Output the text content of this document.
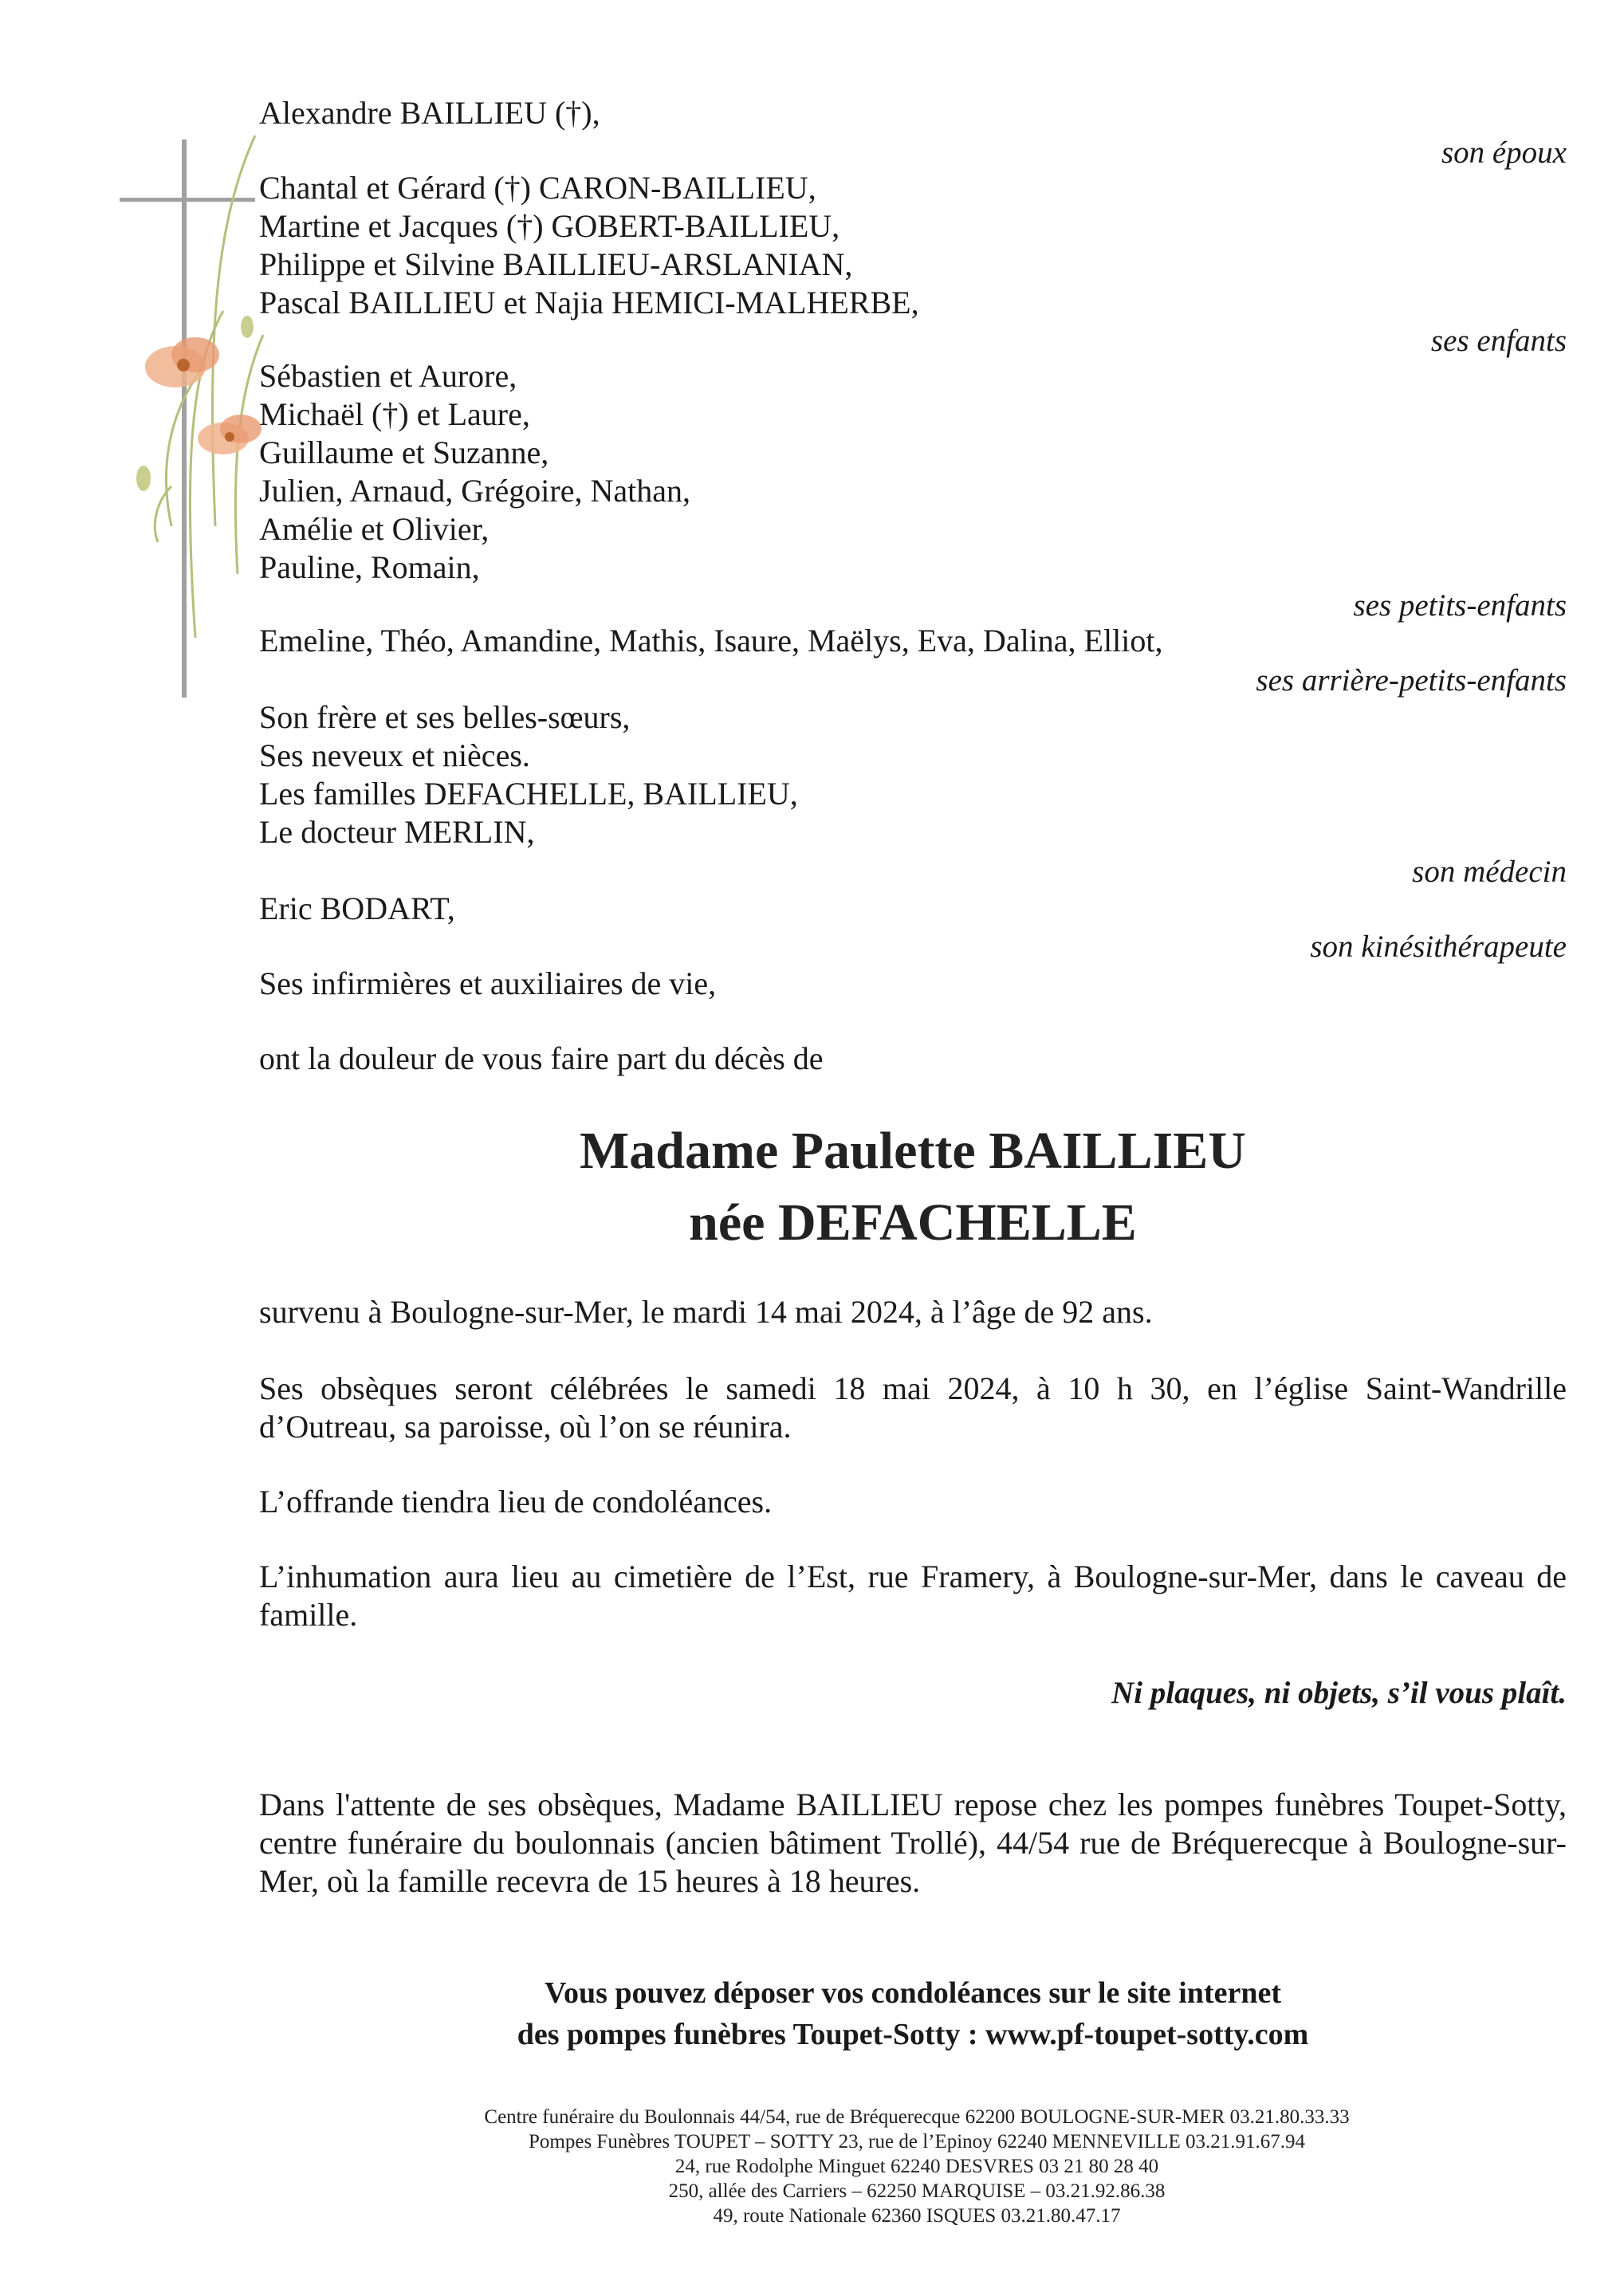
Alexandre BAILLIEU (†),
son époux
Chantal et Gérard (†) CARON-BAILLIEU,
Martine et Jacques (†) GOBERT-BAILLIEU,
Philippe et Silvine BAILLIEU-ARSLANIAN,
Pascal BAILLIEU et Najia HEMICI-MALHERBE,
ses enfants
Sébastien et Aurore,
Michaël (†) et Laure,
Guillaume et Suzanne,
Julien, Arnaud, Grégoire, Nathan,
Amélie et Olivier,
Pauline, Romain,
ses petits-enfants
Emeline, Théo, Amandine, Mathis, Isaure, Maëlys, Eva, Dalina, Elliot,
ses arrière-petits-enfants
Son frère et ses belles-sœurs,
Ses neveux et nièces.
Les familles DEFACHELLE, BAILLIEU,
Le docteur MERLIN,
son médecin
Eric BODART,
son kinésithérapeute
Ses infirmières et auxiliaires de vie,
ont la douleur de vous faire part du décès de
Madame Paulette BAILLIEU
née DEFACHELLE
survenu à Boulogne-sur-Mer, le mardi 14 mai 2024, à l’âge de 92 ans.
Ses obsèques seront célébrées le samedi 18 mai 2024, à 10 h 30, en l’église Saint-Wandrille d’Outreau, sa paroisse, où l’on se réunira.
L’offrande tiendra lieu de condoléances.
L’inhumation aura lieu au cimetière de l’Est, rue Framery, à Boulogne-sur-Mer, dans le caveau de famille.
Ni plaques, ni objets, s’il vous plaît.
Dans l'attente de ses obsèques, Madame BAILLIEU repose chez les pompes funèbres Toupet-Sotty, centre funéraire du boulonnais (ancien bâtiment Trollé), 44/54 rue de Bréquerecque à Boulogne-sur-Mer, où la famille recevra de 15 heures à 18 heures.
Vous pouvez déposer vos condoléances sur le site internet
des pompes funèbres Toupet-Sotty : www.pf-toupet-sotty.com
Centre funéraire du Boulonnais 44/54, rue de Bréquerecque 62200 BOULOGNE-SUR-MER 03.21.80.33.33
Pompes Funèbres TOUPET – SOTTY 23, rue de l’Epinoy 62240 MENNEVILLE 03.21.91.67.94
24, rue Rodolphe Minguet 62240 DESVRES 03 21 80 28 40
250, allée des Carriers – 62250 MARQUISE – 03.21.92.86.38
49, route Nationale 62360 ISQUES 03.21.80.47.17
